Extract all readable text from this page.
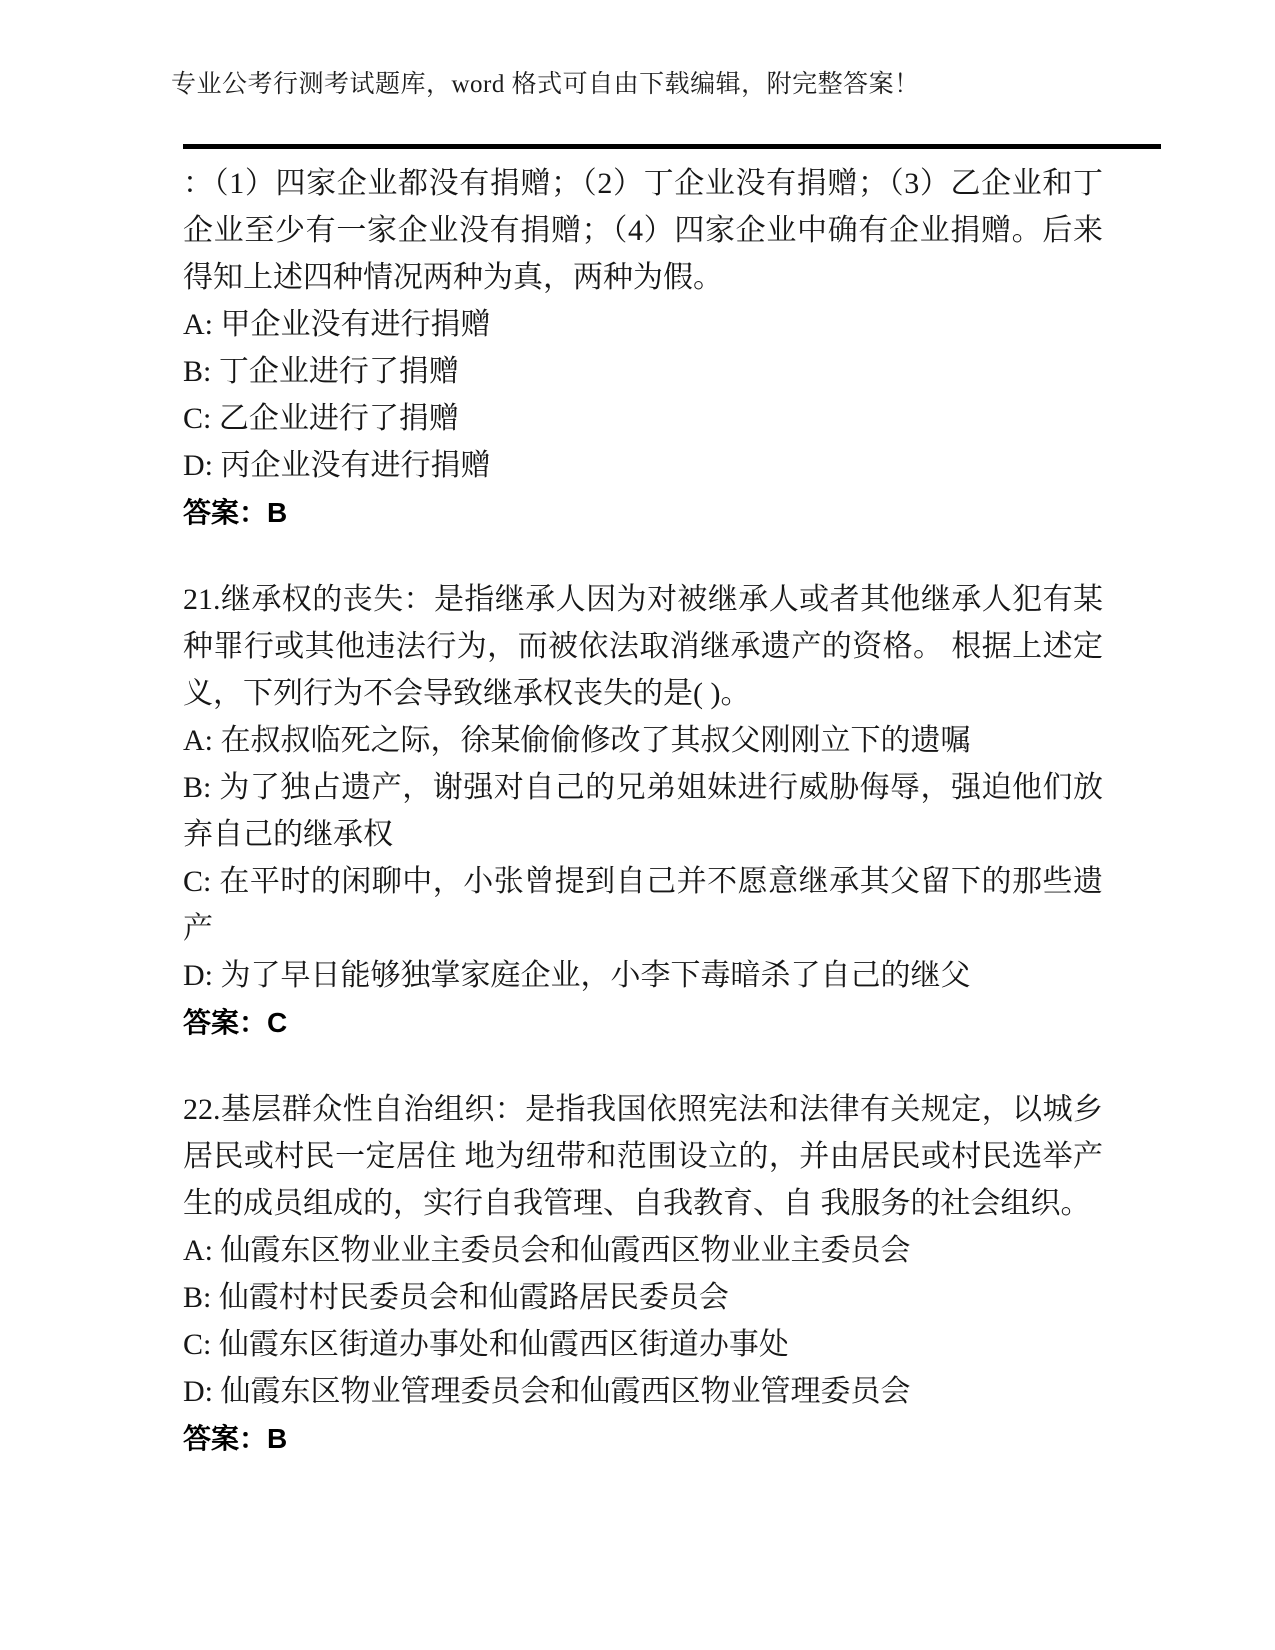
专业公考行测考试题库，word 格式可自由下载编辑，附完整答案！

：（1）四家企业都没有捐赠；（2）丁企业没有捐赠；（3）乙企业和丁企业至少有一家企业没有捐赠；（4）四家企业中确有企业捐赠。后来得知上述四种情况两种为真，两种为假。

A: 甲企业没有进行捐赠

B: 丁企业进行了捐赠

C: 乙企业进行了捐赠

D: 丙企业没有进行捐赠

答案：B

21.继承权的丧失：是指继承人因为对被继承人或者其他继承人犯有某种罪行或其他违法行为，而被依法取消继承遗产的资格。 根据上述定义，下列行为不会导致继承权丧失的是( )。

A: 在叔叔临死之际，徐某偷偷修改了其叔父刚刚立下的遗嘱

B: 为了独占遗产，谢强对自己的兄弟姐妹进行威胁侮辱，强迫他们放弃自己的继承权

C: 在平时的闲聊中，小张曾提到自己并不愿意继承其父留下的那些遗产

D: 为了早日能够独掌家庭企业，小李下毒暗杀了自己的继父

答案：C

22.基层群众性自治组织：是指我国依照宪法和法律有关规定，以城乡居民或村民一定居住 地为纽带和范围设立的，并由居民或村民选举产生的成员组成的，实行自我管理、自我教育、自 我服务的社会组织。

A: 仙霞东区物业业主委员会和仙霞西区物业业主委员会

B: 仙霞村村民委员会和仙霞路居民委员会

C: 仙霞东区街道办事处和仙霞西区街道办事处

D: 仙霞东区物业管理委员会和仙霞西区物业管理委员会

答案：B
